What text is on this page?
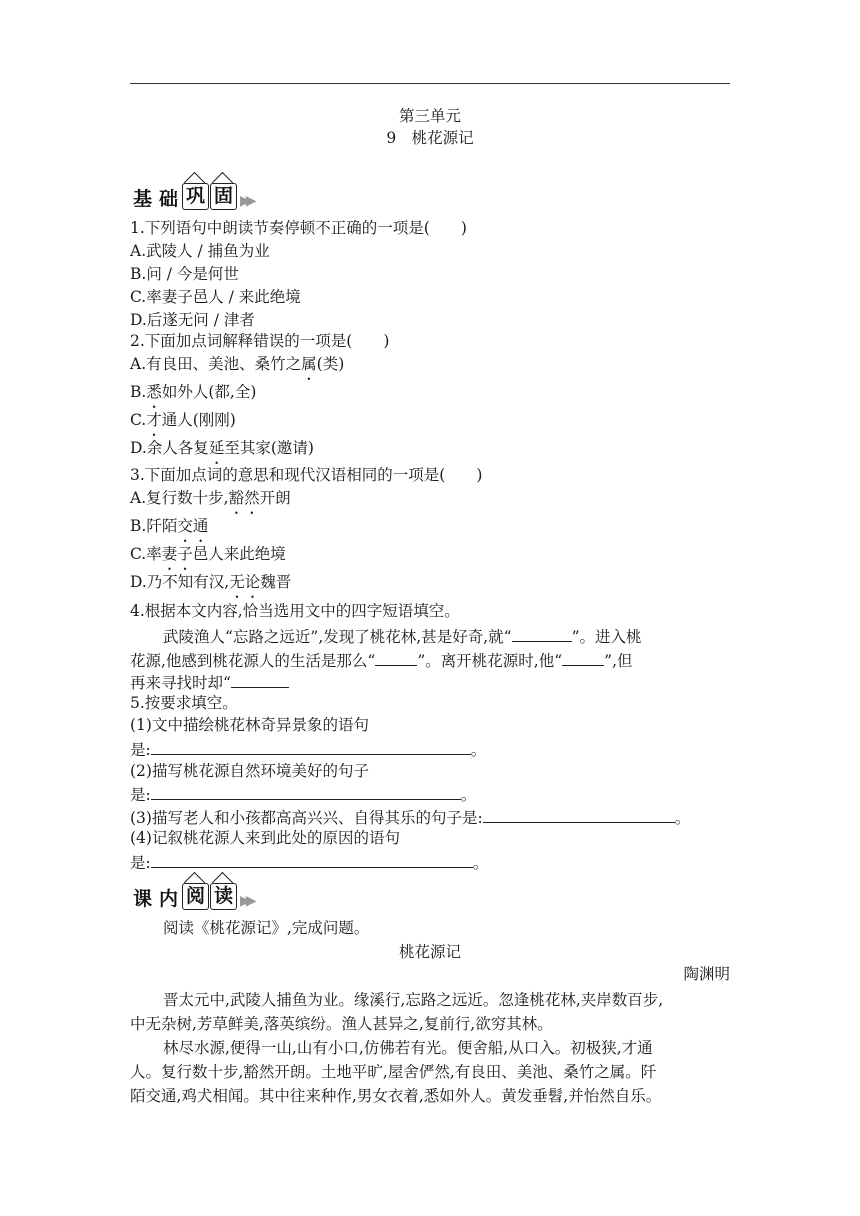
第三单元
9　桃花源记
基 础 巩 固 ▶▶
1.下列语句中朗读节奏停顿不正确的一项是(　　)
A.武陵人 / 捕鱼为业
B.问 / 今是何世
C.率妻子邑人 / 来此绝境
D.后遂无问 / 津者
2.下面加点词解释错误的一项是(　　)
A.有良田、美池、桑竹之属(类)
B.悉如外人(都,全)
C.才通人(刚刚)
D.余人各复延至其家(邀请)
3.下面加点词的意思和现代汉语相同的一项是(　　)
A.复行数十步,豁然开朗
B.阡陌交通
C.率妻子邑人来此绝境
D.乃不知有汉,无论魏晋
4.根据本文内容,恰当选用文中的四字短语填空。
武陵渔人“忘路之远近”,发现了桃花林,甚是好奇,就“	”。进入桃
花源,他感到桃花源人的生活是那么“	”。离开桃花源时,他“	”,但
再来寻找时却“
5.按要求填空。
(1)文中描绘桃花林奇异景象的语句
是:	。
(2)描写桃花源自然环境美好的句子
是:	。
(3)描写老人和小孩都高高兴兴、自得其乐的句子是:	。
(4)记叙桃花源人来到此处的原因的语句
是:	。
课 内 阅 读 ▶▶
阅读《桃花源记》,完成问题。
桃花源记
陶渊明
晋太元中,武陵人捕鱼为业。缘溪行,忘路之远近。忽逢桃花林,夹岸数百步,
中无杂树,芳草鲜美,落英缤纷。渔人甚异之,复前行,欲穷其林。
林尽水源,便得一山,山有小口,仿佛若有光。便舍船,从口入。初极狭,才通
人。复行数十步,豁然开朗。土地平旷,屋舍俨然,有良田、美池、桑竹之属。阡
陌交通,鸡犬相闻。其中往来种作,男女衣着,悉如外人。黄发垂髫,并怡然自乐。
